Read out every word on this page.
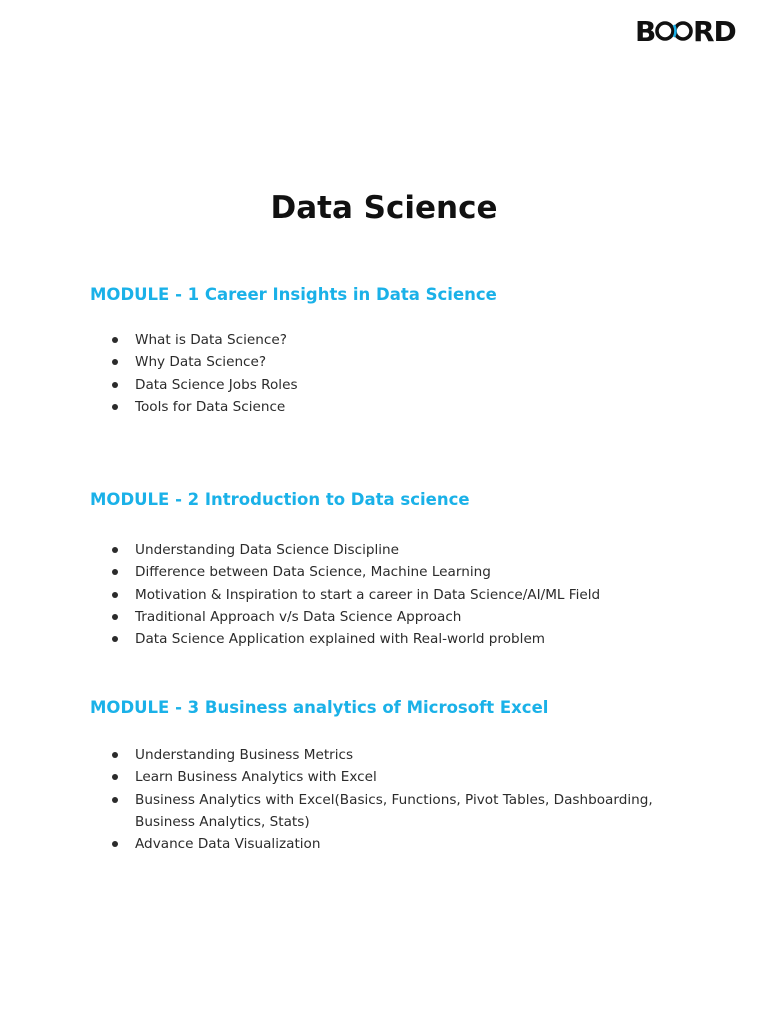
B RD
Data Science
MODULE - 1 Career Insights in Data Science
What is Data Science?
Why Data Science?
Data Science Jobs Roles
Tools for Data Science
MODULE - 2 Introduction to Data science
Understanding Data Science Discipline
Difference between Data Science, Machine Learning
Motivation & Inspiration to start a career in Data Science/AI/ML Field
Traditional Approach v/s Data Science Approach
Data Science Application explained with Real-world problem
MODULE - 3 Business analytics of Microsoft Excel
Understanding Business Metrics
Learn Business Analytics with Excel
Business Analytics with Excel(Basics, Functions, Pivot Tables, Dashboarding, Business Analytics, Stats)
Advance Data Visualization
